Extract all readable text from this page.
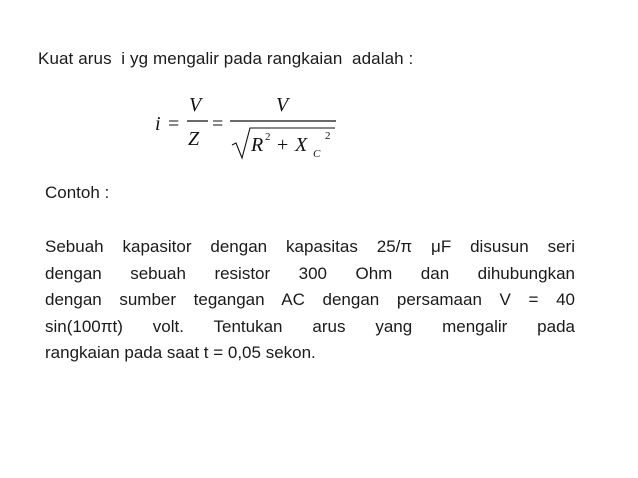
Kuat arus  i yg mengalir pada rangkaian  adalah :
i =
V
Z
=
V
R 2 + X C
2
Contoh :
Sebuah kapasitor dengan kapasitas 25/π μF disusun seri
dengan sebuah resistor 300 Ohm dan dihubungkan
dengan sumber tegangan AC dengan persamaan V = 40
sin(100πt) volt. Tentukan arus yang mengalir pada
rangkaian pada saat t = 0,05 sekon.
